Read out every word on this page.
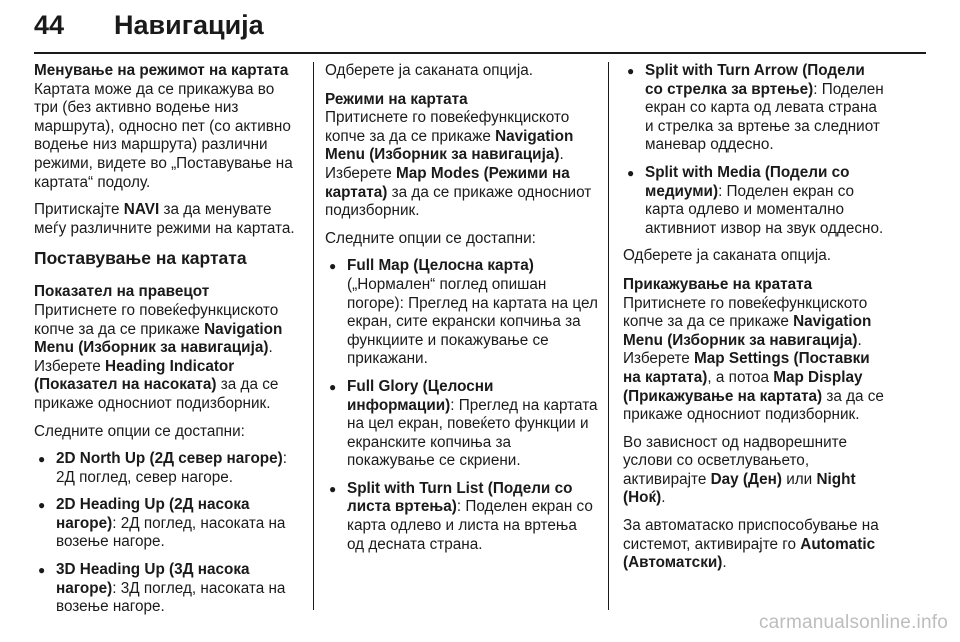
44 Навигација
Менување на режимот на картата

Картата може да се прикажува во три (без активно водење низ маршрута), односно пет (со активно водење низ маршрута) различни режими, видете во „Поставување на картата“ подолу.

Притискајте NAVI за да менувате меѓу различните режими на картата.

Поставување на картата
Показател на правецот

Притиснете го повеќефункциското копче за да се прикаже Navigation Menu (Изборник за навигација). Изберете Heading Indicator (Показател на насоката) за да се прикаже односниот подизборник.

Следните опции се достапни:

● 2D North Up (2Д север нагоре): 2Д поглед, север нагоре.
● 2D Heading Up (2Д насока нагоре): 2Д поглед, насоката на возење нагоре.
● 3D Heading Up (3Д насока нагоре): 3Д поглед, насоката на возење нагоре.

Одберете ја саканата опција.

Режими на картата

Притиснете го повеќефункциското копче за да се прикаже Navigation Menu (Изборник за навигација). Изберете Map Modes (Режими на картата) за да се прикаже односниот подизборник.

Следните опции се достапни:

● Full Map (Целосна карта) („Нормален“ поглед опишан погоре): Преглед на картата на цел екран, сите екрански копчиња за функциите и покажување се прикажани.
● Full Glory (Целосни информации): Преглед на картата на цел екран, повеќето функции и екранските копчиња за покажување се скриени.
● Split with Turn List (Подели со листа вртења): Поделен екран со карта одлево и листа на вртења од десната страна.
● Split with Turn Arrow (Подели со стрелка за вртење): Поделен екран со карта од левата страна и стрелка за вртење за следниот маневар оддесно.
● Split with Media (Подели со медиуми): Поделен екран со карта одлево и моментално активниот извор на звук оддесно.

Одберете ја саканата опција.

Прикажување на кратата

Притиснете го повеќефункциското копче за да се прикаже Navigation Menu (Изборник за навигација). Изберете Map Settings (Поставки на картата), а потоа Map Display (Прикажување на картата) за да се прикаже односниот подизборник.

Во зависност од надворешните услови со осветлувањето, активирајте Day (Ден) или Night (Ноќ).

За автоматаско приспособување на системот, активирајте го Automatic (Автоматски).

carmanualsonline.info
